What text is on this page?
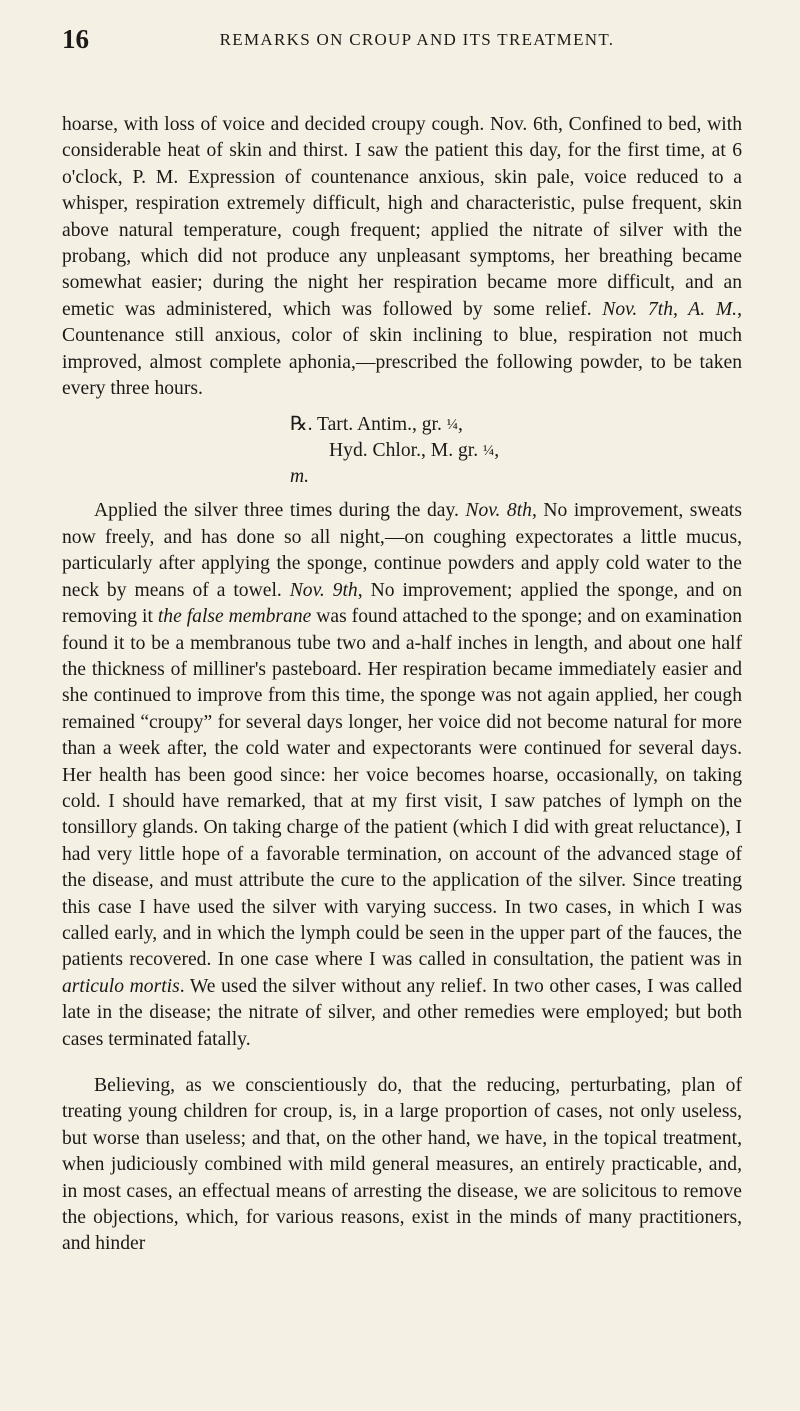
16	REMARKS ON CROUP AND ITS TREATMENT.

hoarse, with loss of voice and decided croupy cough. Nov. 6th, Confined to bed, with considerable heat of skin and thirst. I saw the patient this day, for the first time, at 6 o'clock, P. M. Expression of countenance anxious, skin pale, voice reduced to a whisper, respiration extremely difficult, high and characteristic, pulse frequent, skin above natural temperature, cough frequent; applied the nitrate of silver with the probang, which did not produce any unpleasant symptoms, her breathing became somewhat easier; during the night her respiration became more difficult, and an emetic was administered, which was followed by some relief. Nov. 7th, A. M., Countenance still anxious, color of skin inclining to blue, respiration not much improved, almost complete aphonia,—prescribed the following powder, to be taken every three hours.

℞. Tart. Antim., gr. ¼,
Hyd. Chlor., M. gr. ¼,
m.

Applied the silver three times during the day. Nov. 8th, No improvement, sweats now freely, and has done so all night,—on coughing expectorates a little mucus, particularly after applying the sponge, continue powders and apply cold water to the neck by means of a towel. Nov. 9th, No improvement; applied the sponge, and on removing it the false membrane was found attached to the sponge; and on examination found it to be a membranous tube two and a-half inches in length, and about one half the thickness of milliner's pasteboard. Her respiration became immediately easier and she continued to improve from this time, the sponge was not again applied, her cough remained “croupy” for several days longer, her voice did not become natural for more than a week after, the cold water and expectorants were continued for several days. Her health has been good since: her voice becomes hoarse, occasionally, on taking cold. I should have remarked, that at my first visit, I saw patches of lymph on the tonsillory glands. On taking charge of the patient (which I did with great reluctance), I had very little hope of a favorable termination, on account of the advanced stage of the disease, and must attribute the cure to the application of the silver. Since treating this case I have used the silver with varying success. In two cases, in which I was called early, and in which the lymph could be seen in the upper part of the fauces, the patients recovered. In one case where I was called in consultation, the patient was in articulo mortis. We used the silver without any relief. In two other cases, I was called late in the disease; the nitrate of silver, and other remedies were employed; but both cases terminated fatally.

Believing, as we conscientiously do, that the reducing, perturbating, plan of treating young children for croup, is, in a large proportion of cases, not only useless, but worse than useless; and that, on the other hand, we have, in the topical treatment, when judiciously combined with mild general measures, an entirely practicable, and, in most cases, an effectual means of arresting the disease, we are solicitous to remove the objections, which, for various reasons, exist in the minds of many practitioners, and hinder
